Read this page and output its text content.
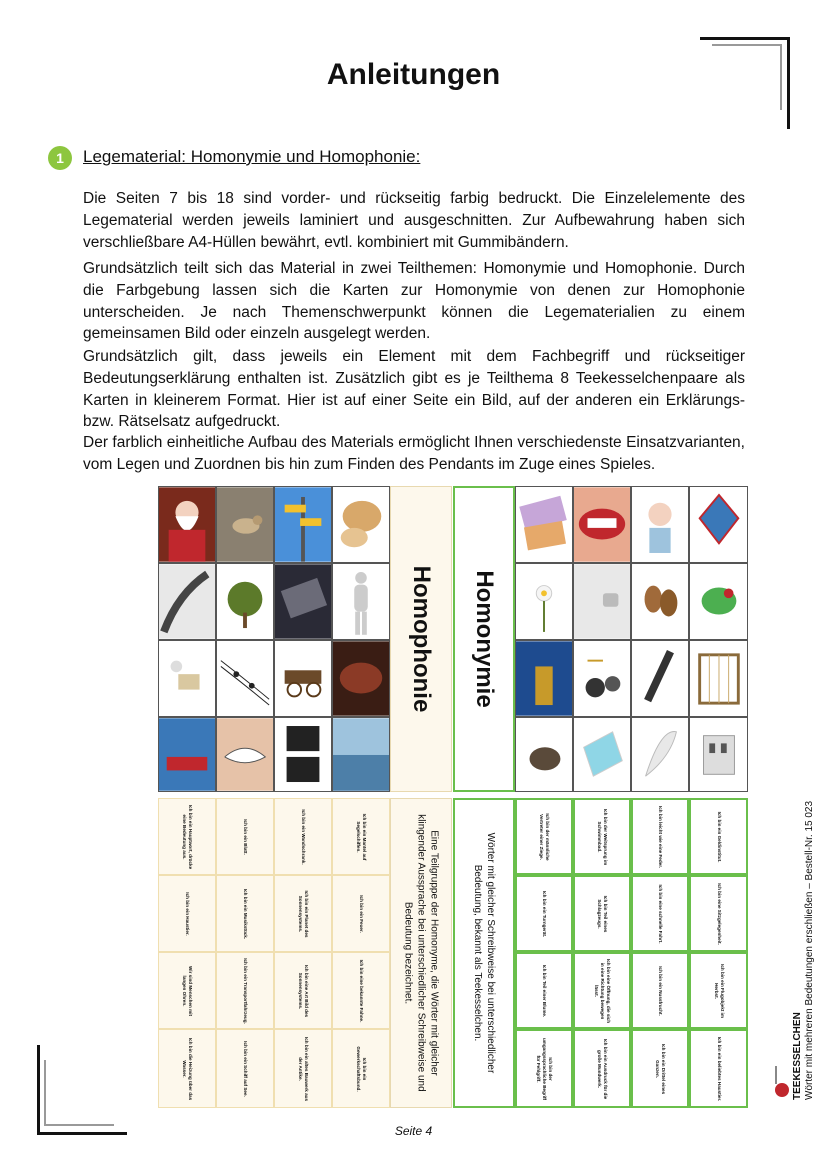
Anleitungen
1	Legematerial: Homonymie und Homophonie:

Die Seiten 7 bis 18 sind vorder- und rückseitig farbig bedruckt. Die Einzelelemente des Legematerial werden jeweils laminiert und ausgeschnitten. Zur Aufbewahrung haben sich verschließbare A4-Hüllen bewährt, evtl. kombiniert mit Gummibändern.

Grundsätzlich teilt sich das Material in zwei Teilthemen: Homonymie und Homophonie. Durch die Farbgebung lassen sich die Karten zur Homonymie von denen zur Homophonie unterscheiden. Je nach Themenschwerpunkt können die Legematerialien zu einem gemeinsamen Bild oder einzeln ausgelegt werden.

Grundsätzlich gilt, dass jeweils ein Element mit dem Fachbegriff und rückseitiger Bedeutungserklärung enthalten ist. Zusätzlich gibt es je Teilthema 8 Teekesselchenpaare als Karten in kleinerem Format. Hier ist auf einer Seite ein Bild, auf der anderen ein Erklärungs- bzw. Rätselsatz aufgedruckt.

Der farblich einheitliche Aufbau des Materials ermöglicht Ihnen verschiedenste Einsatzvarianten, vom Legen und Zuordnen bis hin zum Finden des Pendants im Zuge eines Spieles.

Homophonie Homonymie
Eine Teilgruppe der Homonyme, die Wörter mit gleicher klingender Aussprache bei unterschiedlicher Schreibweise und Bedeutung bezeichnet.	Wörter mit gleicher Schreibweise bei unterschiedlicher Bedeutung, bekannt als Teekesselchen.
Ich bin ein Hauptwort, drücke eine Bedeutung aus.	Ich bin ein Blatt.	Ich bin ein Wandschrank.	Ich bin ein Mantel auf Segelschiffen.
Ich bin ein Haustier.	Ich bin ein Musikstück.	Ich bin ein Planet des Sonnensystems.	Ich bin ein Feuer.
Wir sind Menschen mit langen Ohren.	Ich bin ein Transportfahrzeug.	Ich bin eine Art Bild des Sonnensystems.	Ich bin eine bekannte Fahne.
Ich bin die Heizung über das Wasser.	Ich bin ein Schiff auf See.	Ich bin ein altes Bauwerk aus der Antike.	Ich bin ein Gewerkschaftsbund.
Ich bin der männliche Vertreter einer Ziege.	Ich bin der Weitsprung im Schwimmbad.	Ich bin leicht wie eine Feder.	Ich bin ein Geldinstitut.
Ich bin ein Turngerät.	Ich bin Teil eines Schlagzeugs.	Ich bin eine schnelle Fahrt.	Ich bin eine Sitzgelegenheit.
Ich bin Teil einer Blume.	Ich bin eine Öffnung, die sich in eine Richtung bewegen lässt.	Ich bin ein Nussfrucht.	Ich bin ein Flugobjekt im Herbst.
Ich bin der umgangssprachliche Begriff für Fehlgriff.	Ich bin ein Ausdruck für die große Mundwerk.	Ich bin ein Drittel eines Ganzen.	Ich bin ein beliebtes Haustier.
Seite 4
TEEKESSELCHEN Wörter mit mehreren Bedeutungen erschließen – Bestell-Nr. 15 023
